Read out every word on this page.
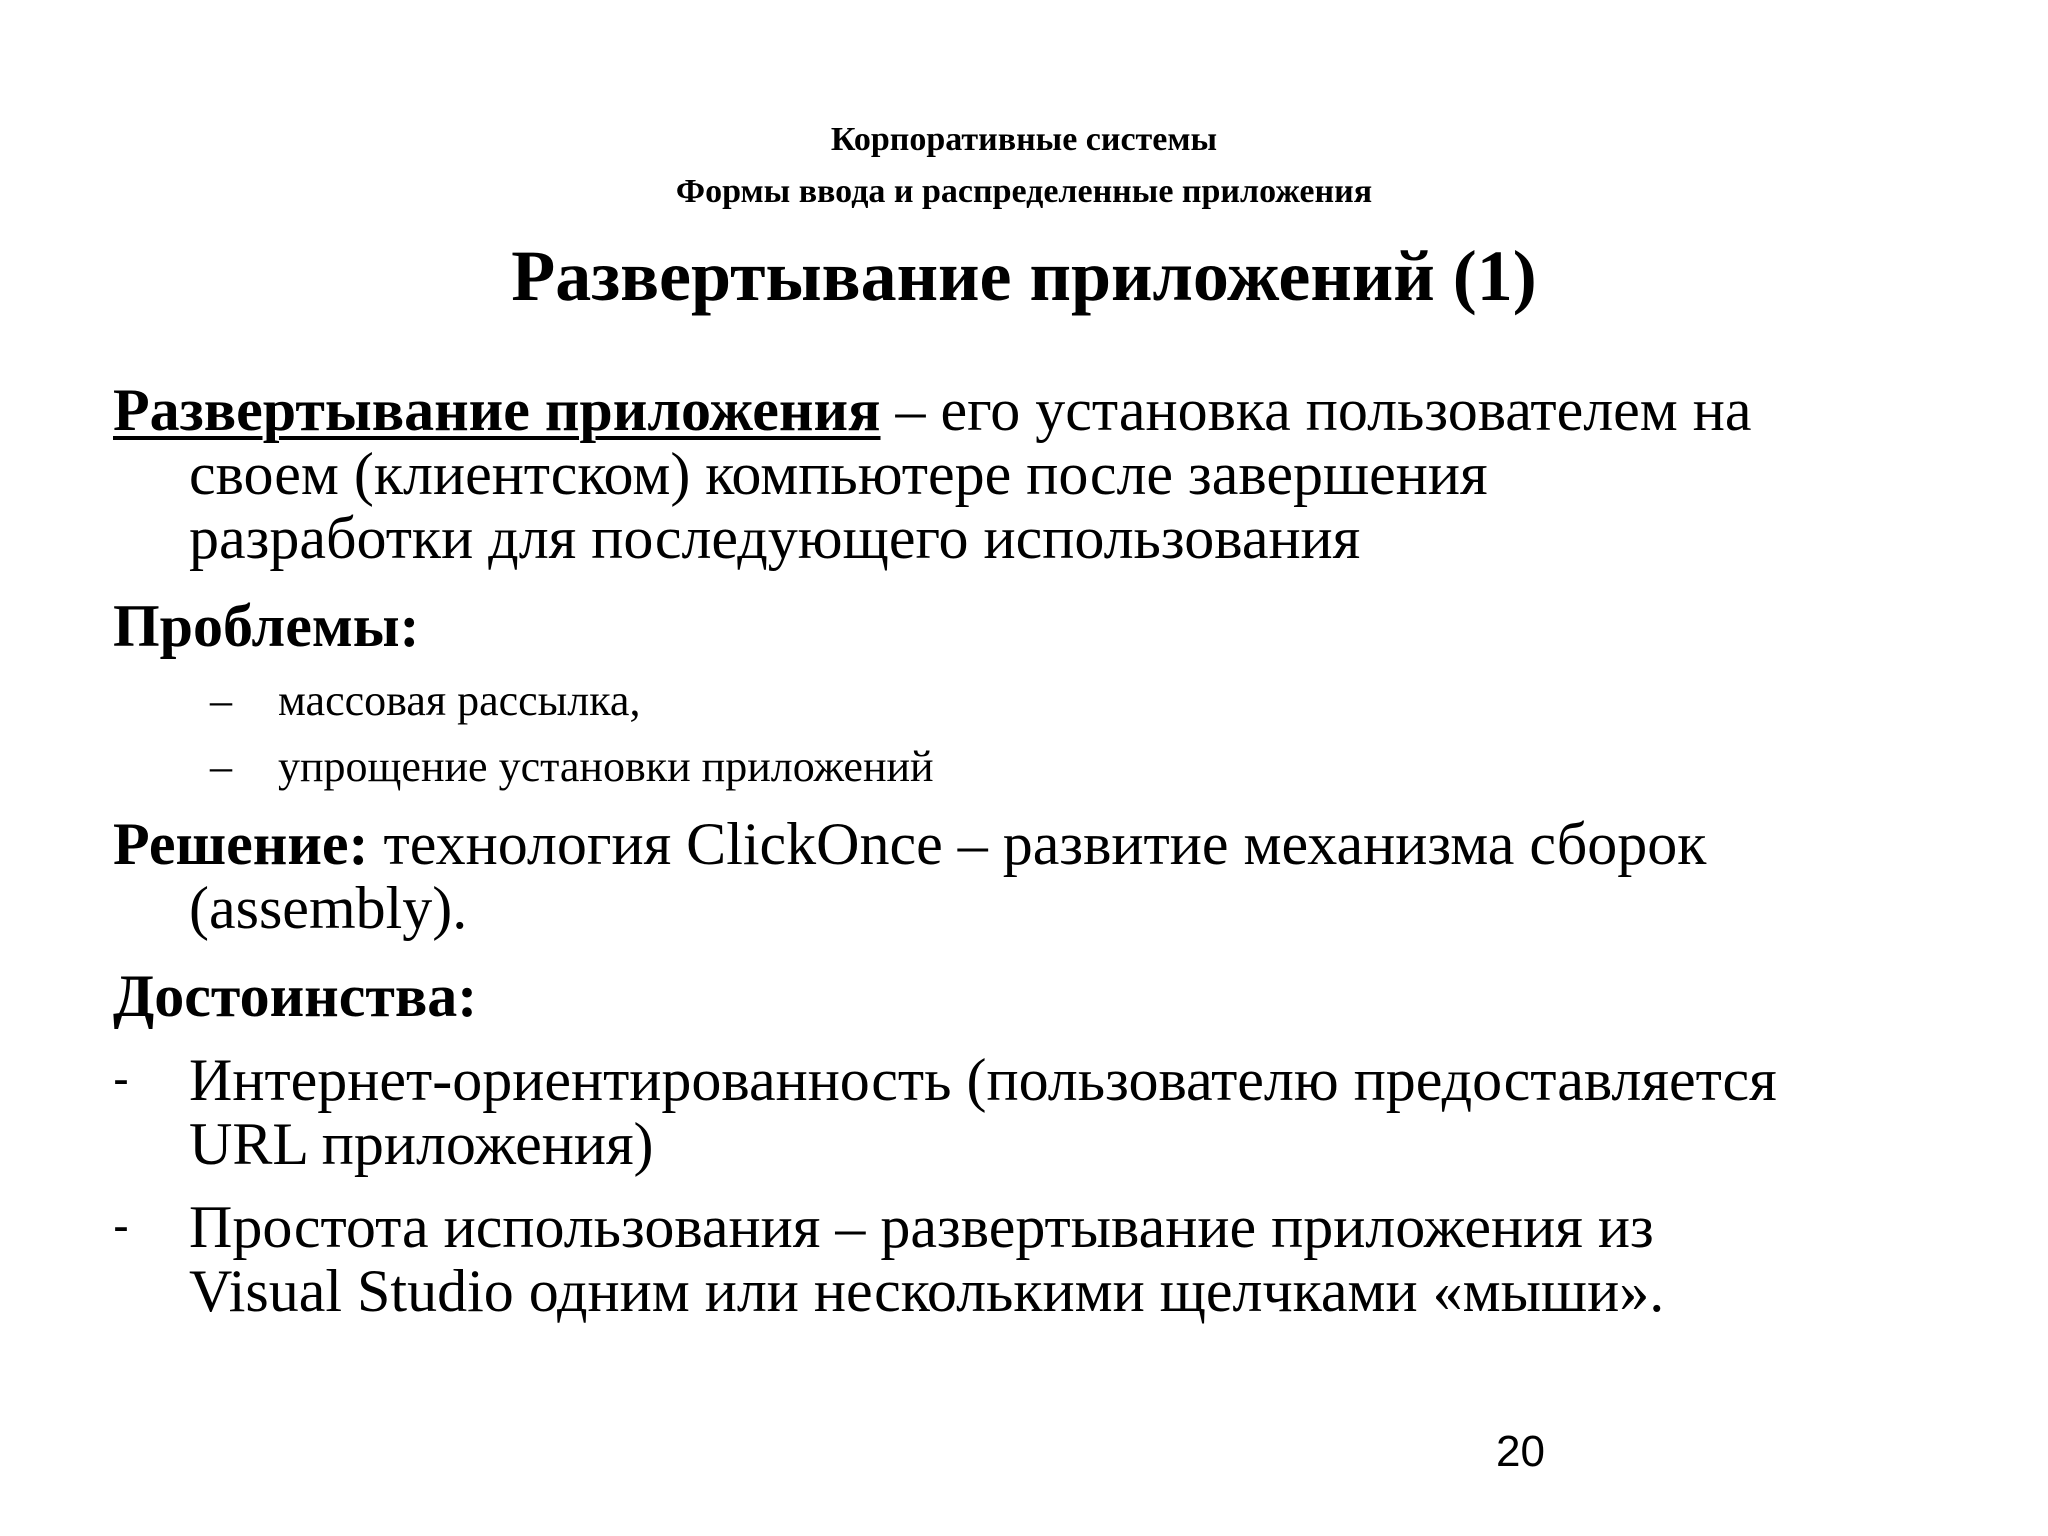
Корпоративные системы
Формы ввода и распределенные приложения
Развертывание приложений (1)
Развертывание приложения – его установка пользователем на
своем (клиентском) компьютере после завершения
разработки для последующего использования
Проблемы:
– массовая рассылка,
– упрощение установки приложений
Решение: технология ClickOnce – развитие механизма сборок
(assembly).
Достоинства:
-	Интернет-ориентированность (пользователю предоставляется
URL приложения)
-	Простота использования – развертывание приложения из
Visual Studio одним или несколькими щелчками «мыши».
20
